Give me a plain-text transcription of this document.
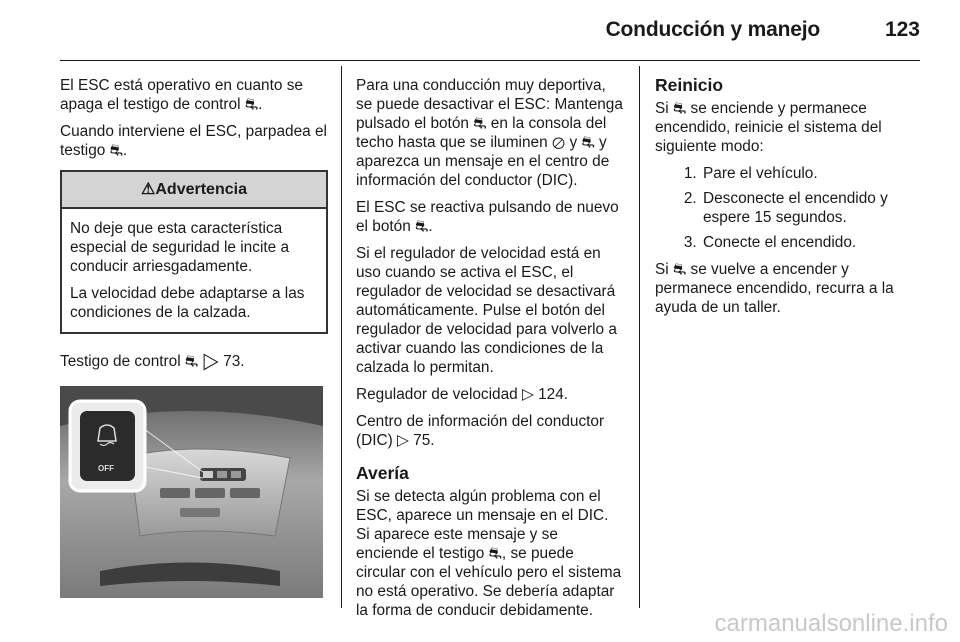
Conducción y manejo	123

El ESC está operativo en cuanto se apaga el testigo de control ⛐.

Cuando interviene el ESC, parpadea el testigo ⛐.

⚠Advertencia

No deje que esta característica especial de seguridad le incite a conducir arriesgadamente.

La velocidad debe adaptarse a las condiciones de la calzada.

Testigo de control ⛐ ▷ 73.

OFF

Para una conducción muy deportiva, se puede desactivar el ESC: Mantenga pulsado el botón ⛐ en la consola del techo hasta que se iluminen ⊘ y ⛐ y aparezca un mensaje en el centro de información del conductor (DIC).

El ESC se reactiva pulsando de nuevo el botón ⛐.

Si el regulador de velocidad está en uso cuando se activa el ESC, el regulador de velocidad se desactivará automáticamente. Pulse el botón del regulador de velocidad para volverlo a activar cuando las condiciones de la calzada lo permitan.

Regulador de velocidad ▷ 124.

Centro de información del conductor (DIC) ▷ 75.

Avería

Si se detecta algún problema con el ESC, aparece un mensaje en el DIC. Si aparece este mensaje y se enciende el testigo ⛐, se puede circular con el vehículo pero el sistema no está operativo. Se debería adaptar la forma de conducir debidamente.

Reinicio

Si ⛐ se enciende y permanece encendido, reinicie el sistema del siguiente modo:

1. Pare el vehículo.
2. Desconecte el encendido y espere 15 segundos.
3. Conecte el encendido.

Si ⛐ se vuelve a encender y permanece encendido, recurra a la ayuda de un taller.

carmanualsonline.info
